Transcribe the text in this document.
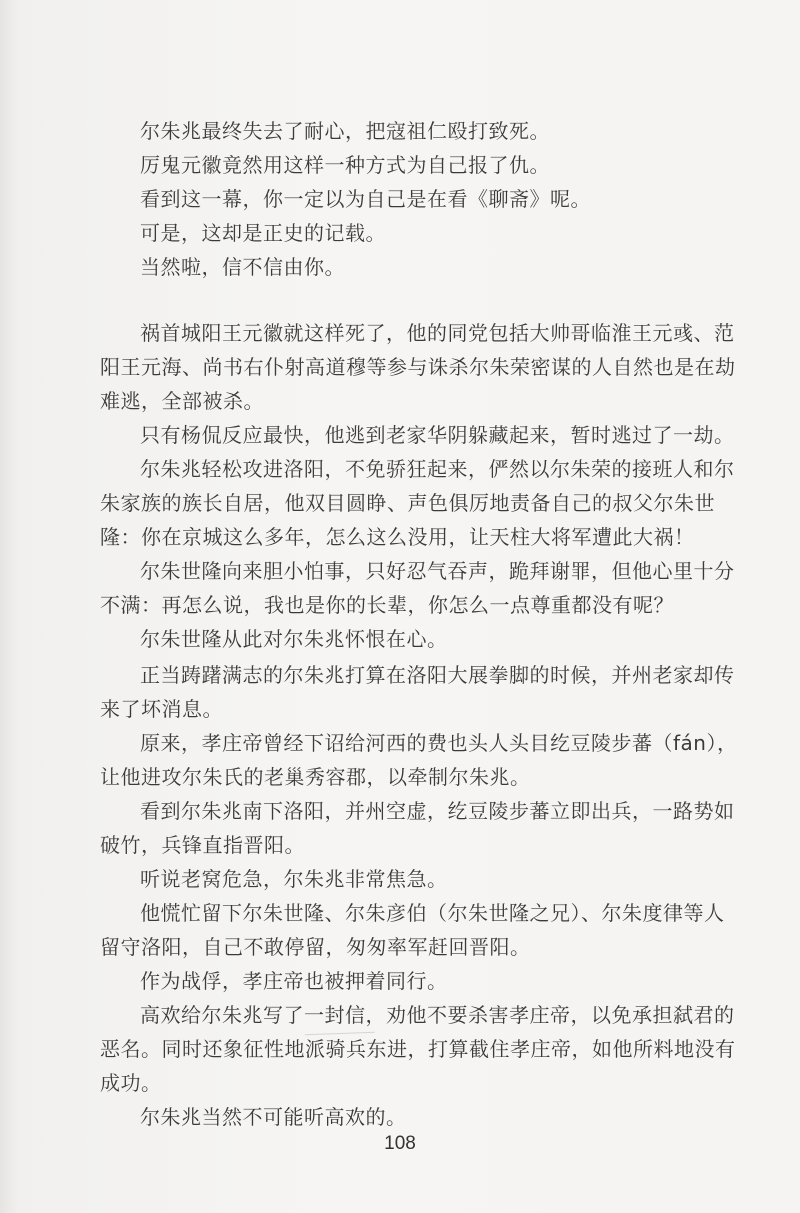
尔朱兆最终失去了耐心，把寇祖仁殴打致死。

厉鬼元徽竟然用这样一种方式为自己报了仇。

看到这一幕，你一定以为自己是在看《聊斋》呢。

可是，这却是正史的记载。

当然啦，信不信由你。

祸首城阳王元徽就这样死了，他的同党包括大帅哥临淮王元彧、范阳王元海、尚书右仆射高道穆等参与诛杀尔朱荣密谋的人自然也是在劫难逃，全部被杀。

只有杨侃反应最快，他逃到老家华阴躲藏起来，暂时逃过了一劫。

尔朱兆轻松攻进洛阳，不免骄狂起来，俨然以尔朱荣的接班人和尔朱家族的族长自居，他双目圆睁、声色俱厉地责备自己的叔父尔朱世隆：你在京城这么多年，怎么这么没用，让天柱大将军遭此大祸！

尔朱世隆向来胆小怕事，只好忍气吞声，跪拜谢罪，但他心里十分不满：再怎么说，我也是你的长辈，你怎么一点尊重都没有呢？

尔朱世隆从此对尔朱兆怀恨在心。

正当踌躇满志的尔朱兆打算在洛阳大展拳脚的时候，并州老家却传来了坏消息。

原来，孝庄帝曾经下诏给河西的费也头人头目纥豆陵步蕃（fán），让他进攻尔朱氏的老巢秀容郡，以牵制尔朱兆。

看到尔朱兆南下洛阳，并州空虚，纥豆陵步蕃立即出兵，一路势如破竹，兵锋直指晋阳。

听说老窝危急，尔朱兆非常焦急。

他慌忙留下尔朱世隆、尔朱彦伯（尔朱世隆之兄）、尔朱度律等人留守洛阳，自己不敢停留，匆匆率军赶回晋阳。

作为战俘，孝庄帝也被押着同行。

高欢给尔朱兆写了一封信，劝他不要杀害孝庄帝，以免承担弑君的恶名。同时还象征性地派骑兵东进，打算截住孝庄帝，如他所料地没有成功。

尔朱兆当然不可能听高欢的。

108
